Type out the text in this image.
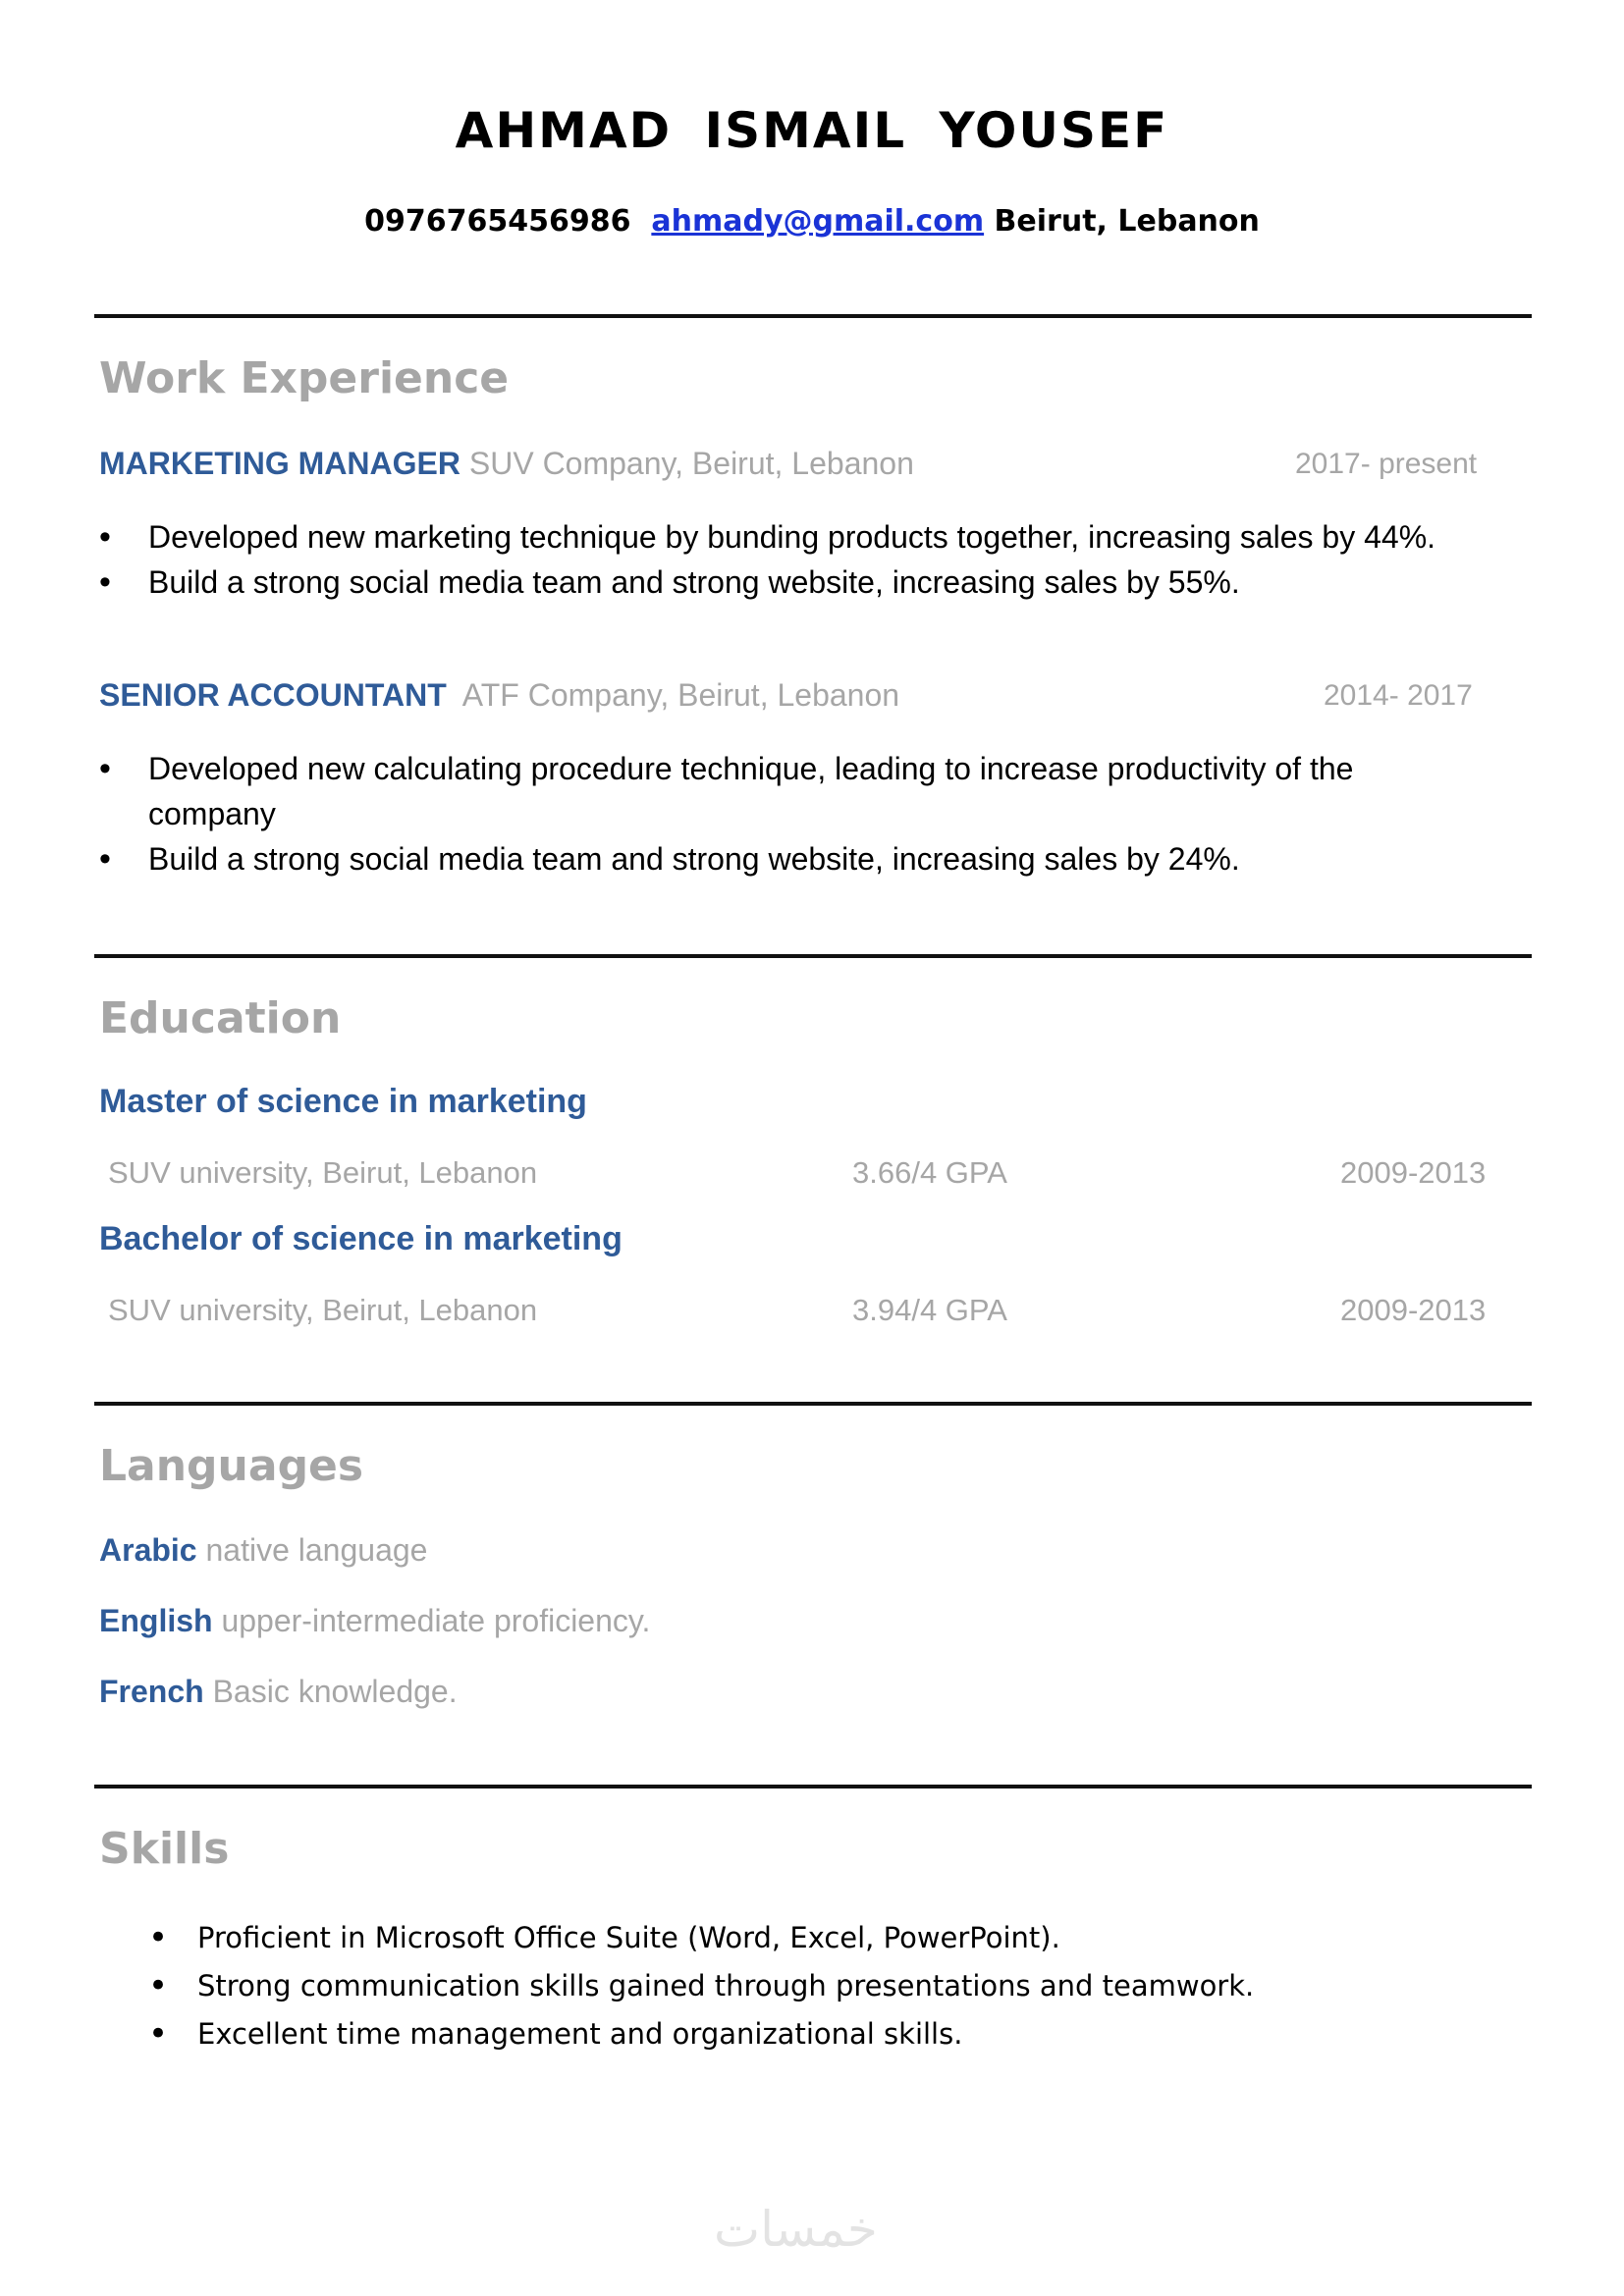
AHMAD ISMAIL YOUSEF
0976765456986 ahmady@gmail.com Beirut, Lebanon
Work Experience
MARKETING MANAGER SUV Company, Beirut, Lebanon	2017- present
• Developed new marketing technique by bunding products together, increasing sales by 44%.
• Build a strong social media team and strong website, increasing sales by 55%.
SENIOR ACCOUNTANT ATF Company, Beirut, Lebanon	2014- 2017
• Developed new calculating procedure technique, leading to increase productivity of the company
• Build a strong social media team and strong website, increasing sales by 24%.
Education
Master of science in marketing
SUV university, Beirut, Lebanon	3.66/4 GPA	2009-2013
Bachelor of science in marketing
SUV university, Beirut, Lebanon	3.94/4 GPA	2009-2013
Languages
Arabic native language
English upper-intermediate proficiency.
French Basic knowledge.
Skills
• Proficient in Microsoft Office Suite (Word, Excel, PowerPoint).
• Strong communication skills gained through presentations and teamwork.
• Excellent time management and organizational skills.
خمسات
